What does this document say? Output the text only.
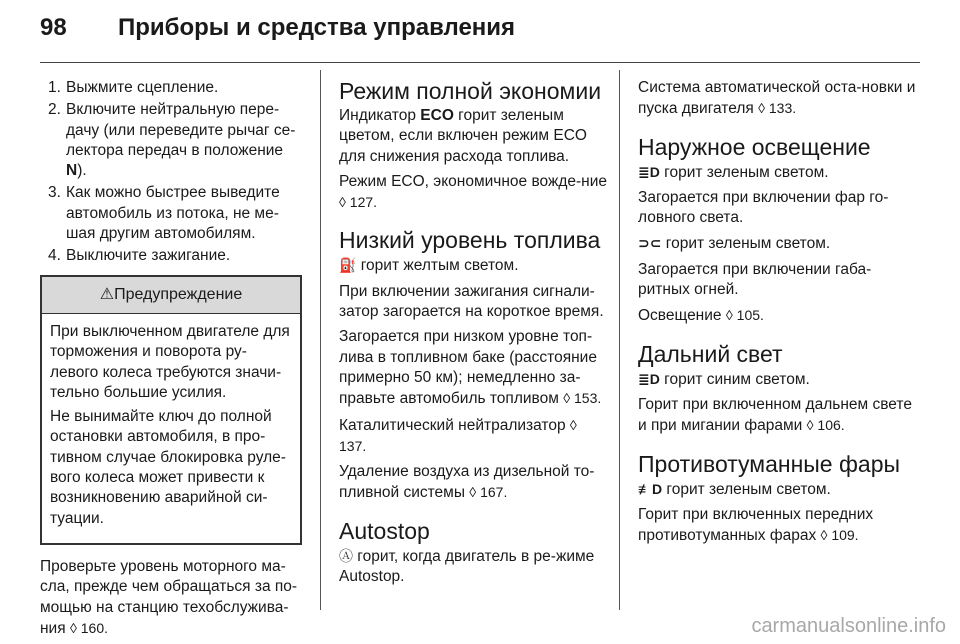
98 Приборы и средства управления
1. Выжмите сцепление.
2. Включите нейтральную пере-дачу (или переведите рычаг се-лектора передач в положение N).
3. Как можно быстрее выведите автомобиль из потока, не ме-шая другим автомобилям.
4. Выключите зажигание.
⚠Предупреждение

При выключенном двигателе для торможения и поворота ру-левого колеса требуются значи-тельно большие усилия.

Не вынимайте ключ до полной остановки автомобиля, в про-тивном случае блокировка руле-вого колеса может привести к возникновению аварийной си-туации.

Проверьте уровень моторного ма-сла, прежде чем обращаться за по-мощью на станцию техобслужива-ния ◊ 160.

Режим полной экономии

Индикатор ECO горит зеленым цветом, если включен режим ECO для снижения расхода топлива.

Режим ECO, экономичное вожде-ние ◊ 127.

Низкий уровень топлива

⛽ горит желтым светом.

При включении зажигания сигнали-затор загорается на короткое время.

Загорается при низком уровне топ-лива в топливном баке (расстояние примерно 50 км); немедленно за-правьте автомобиль топливом ◊ 153.

Каталитический нейтрализатор ◊ 137.

Удаление воздуха из дизельной то-пливной системы ◊ 167.

Autostop

Ⓐ горит, когда двигатель в ре-жиме Autostop.

Система автоматической оста-новки и пуска двигателя ◊ 133.

Наружное освещение

≣D горит зеленым светом.

Загорается при включении фар го-ловного света.

⊃⊂ горит зеленым светом.

Загорается при включении габа-ритных огней.

Освещение ◊ 105.

Дальний свет

≣D горит синим светом.

Горит при включенном дальнем свете и при мигании фарами ◊ 106.

Противотуманные фары

≢D горит зеленым светом.

Горит при включенных передних противотуманных фарах ◊ 109.

carmanualsonline.info
